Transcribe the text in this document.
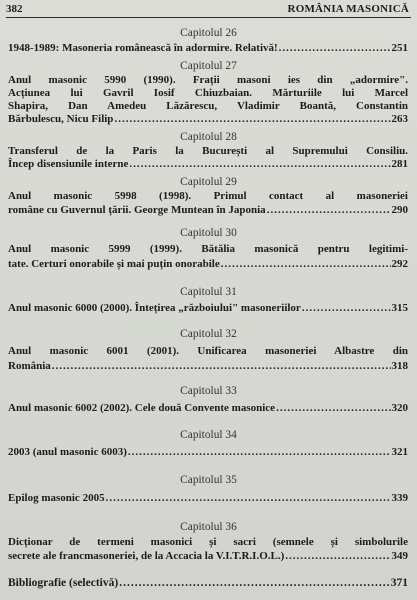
382	ROMÂNIA MASONICĂ
Capitolul 26
1948-1989: Masoneria românească în adormire. Relativă! .....	251
Capitolul 27
Anul masonic 5990 (1990). Frații masoni ies din „adormire".
Acțiunea lui Gavril Iosif Chiuzbaian. Mărturiile lui Marcel
Shapira, Dan Amedeu Lăzărescu, Vladimir Boantă, Constantin
Bărbulescu, Nicu Filip .....	263
Capitolul 28
Transferul de la Paris la București al Supremului Consiliu.
Încep disensiunile interne .....	281
Capitolul 29
Anul masonic 5998 (1998). Primul contact al masoneriei
române cu Guvernul țării. George Muntean în Japonia .....	290
Capitolul 30
Anul masonic 5999 (1999). Bătălia masonică pentru legitimi-
tate. Certuri onorabile și mai puțin onorabile .....	292
Capitolul 31
Anul masonic 6000 (2000). Întețirea „războiului" masoneriilor .....	315
Capitolul 32
Anul masonic 6001 (2001). Unificarea masoneriei Albastre din
România .....	318
Capitolul 33
Anul masonic 6002 (2002). Cele două Convente masonice .....	320
Capitolul 34
2003 (anul masonic 6003) .....	321
Capitolul 35
Epilog masonic 2005 .....	339
Capitolul 36
Dicționar de termeni masonici și sacri (semnele și simbolurile
secrete ale francmasoneriei, de la Accacia la V.I.T.R.I.O.L.) .....	349
Bibliografie (selectivă) .....	371
